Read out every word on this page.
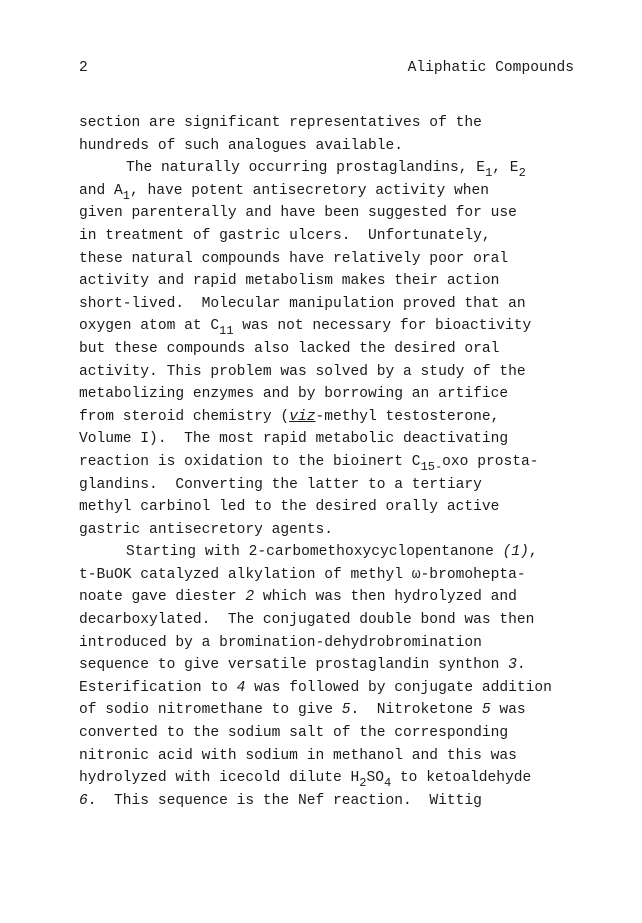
2	Aliphatic Compounds
section are significant representatives of the
hundreds of such analogues available.
The naturally occurring prostaglandins, $E_1$, $E_2$
and $A_1$, have potent antisecretory activity when
given parenterally and have been suggested for use
in treatment of gastric ulcers.  Unfortunately,
these natural compounds have relatively poor oral
activity and rapid metabolism makes their action
short-lived.  Molecular manipulation proved that an
oxygen atom at $C_{11}$ was not necessary for bioactivity
but these compounds also lacked the desired oral
activity. This problem was solved by a study of the
metabolizing enzymes and by borrowing an artifice
from steroid chemistry (viz-methyl testosterone,
Volume I).  The most rapid metabolic deactivating
reaction is oxidation to the bioinert $C_{15-}oxo$ prosta-
glandins.  Converting the latter to a tertiary
methyl carbinol led to the desired orally active
gastric antisecretory agents.
Starting with 2-carbomethoxycyclopentanone (1),
t-BuOK catalyzed alkylation of methyl ω-bromohepta-
noate gave diester 2 which was then hydrolyzed and
decarboxylated.  The conjugated double bond was then
introduced by a bromination-dehydrobromination
sequence to give versatile prostaglandin synthon 3.
Esterification to 4 was followed by conjugate addition
of sodio nitromethane to give 5.  Nitroketone 5 was
converted to the sodium salt of the corresponding
nitronic acid with sodium in methanol and this was
hydrolyzed with icecold dilute $H_2SO_4$ to ketoaldehyde
6.  This sequence is the Nef reaction.  Wittig
